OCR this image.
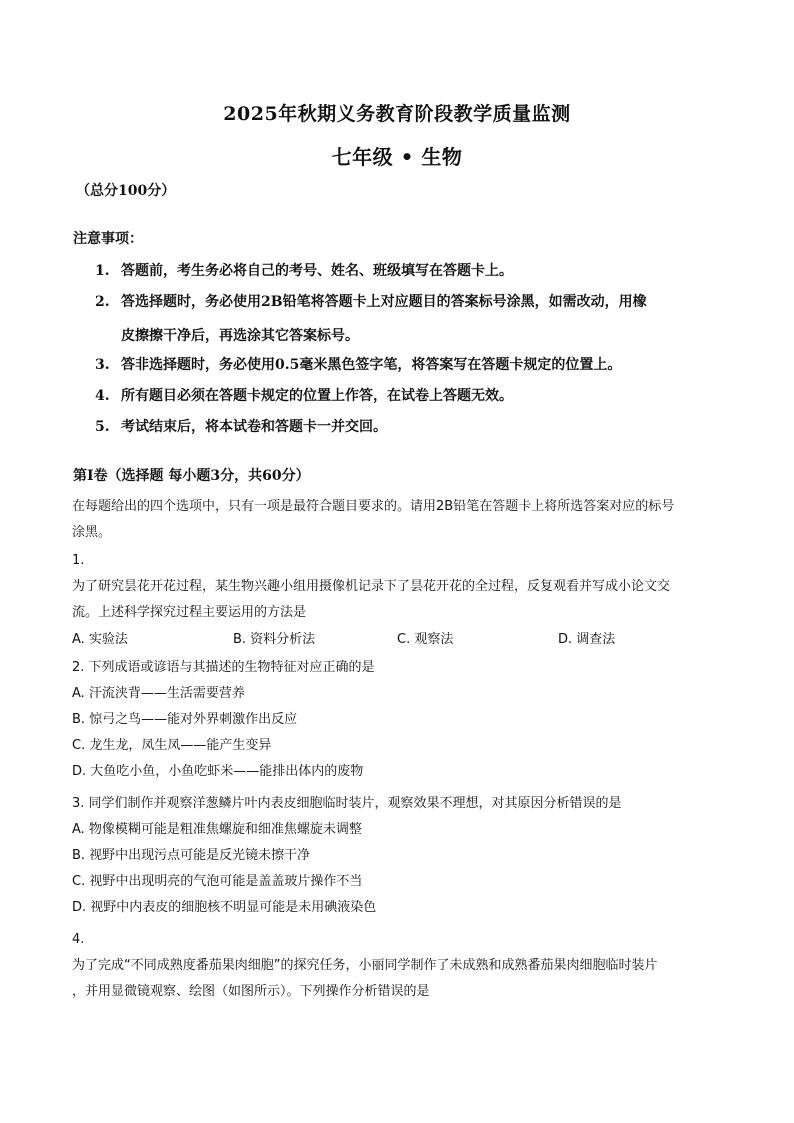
2025年秋期义务教育阶段教学质量监测
七年级 • 生物
（总分100分）
注意事项：
1. 答题前，考生务必将自己的考号、姓名、班级填写在答题卡上。
2. 答选择题时，务必使用2B铅笔将答题卡上对应题目的答案标号涂黑，如需改动，用橡
皮擦擦干净后，再选涂其它答案标号。
3. 答非选择题时，务必使用0.5毫米黑色签字笔，将答案写在答题卡规定的位置上。
4. 所有题目必须在答题卡规定的位置上作答，在试卷上答题无效。
5. 考试结束后，将本试卷和答题卡一并交回。
第Ⅰ卷（选择题 每小题3分，共60分）
在每题给出的四个选项中，只有一项是最符合题目要求的。请用2B铅笔在答题卡上将所选答案对应的标号
涂黑。
1.
为了研究昙花开花过程，某生物兴趣小组用摄像机记录下了昙花开花的全过程，反复观看并写成小论文交
流。上述科学探究过程主要运用的方法是
A. 实验法	B. 资料分析法	C. 观察法	D. 调查法
2. 下列成语或谚语与其描述的生物特征对应正确的是
A. 汗流浃背——生活需要营养
B. 惊弓之鸟——能对外界刺激作出反应
C. 龙生龙，凤生凤——能产生变异
D. 大鱼吃小鱼，小鱼吃虾米——能排出体内的废物
3. 同学们制作并观察洋葱鳞片叶内表皮细胞临时装片，观察效果不理想，对其原因分析错误的是
A. 物像模糊可能是粗准焦螺旋和细准焦螺旋未调整
B. 视野中出现污点可能是反光镜未擦干净
C. 视野中出现明亮的气泡可能是盖盖玻片操作不当
D. 视野中内表皮的细胞核不明显可能是未用碘液染色
4.
为了完成“不同成熟度番茄果肉细胞”的探究任务，小丽同学制作了未成熟和成熟番茄果肉细胞临时装片
，并用显微镜观察、绘图（如图所示）。下列操作分析错误的是
